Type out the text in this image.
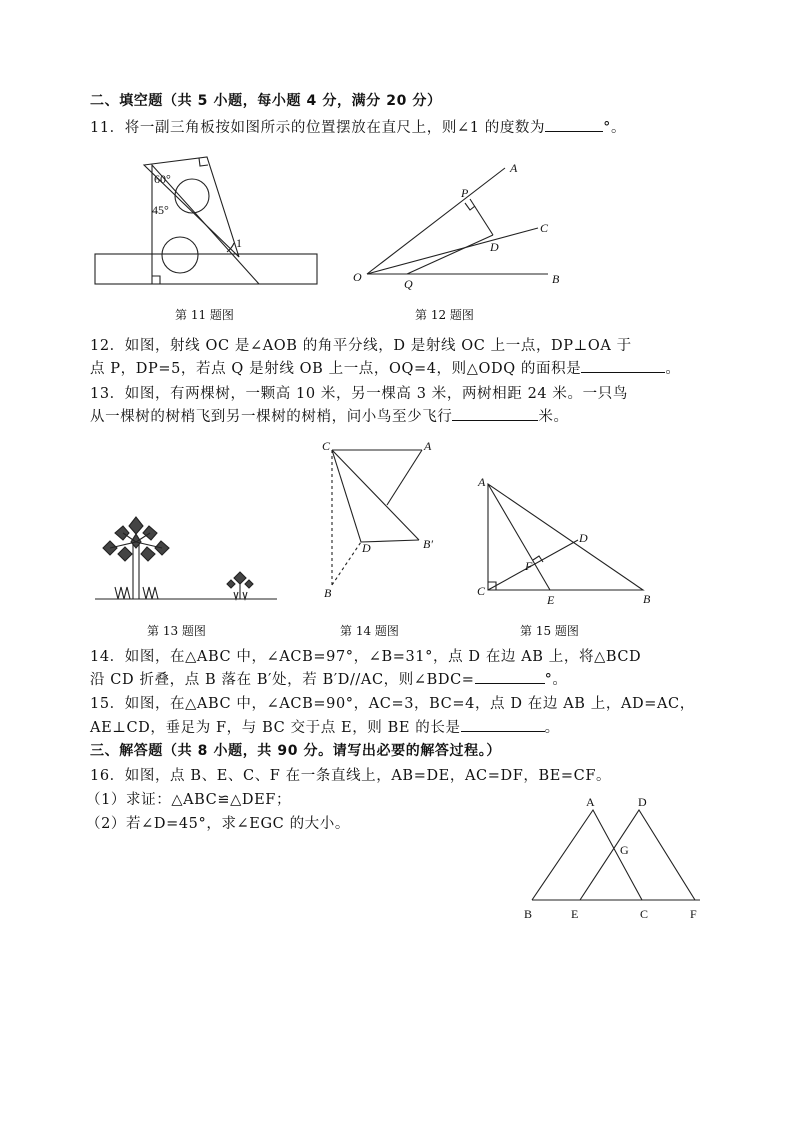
二、填空题（共 5 小题，每小题 4 分，满分 20 分）
11．将一副三角板按如图所示的位置摆放在直尺上，则∠1 的度数为	°。
60°
45°
1
第 11 题图
A
P
C
D
O	Q	B
第 12 题图
12．如图，射线 OC 是∠AOB 的角平分线，D 是射线 OC 上一点，DP⊥OA 于
点 P，DP=5，若点 Q 是射线 OB 上一点，OQ=4，则△ODQ 的面积是	。
13．如图，有两棵树，一颗高 10 米，另一棵高 3 米，两树相距 24 米。一只鸟
从一棵树的树梢飞到另一棵树的树梢，问小鸟至少飞行	米。
第 13 题图
C	A
D	B′
B
第 14 题图
A
D
F
C
E	B
第 15 题图
14．如图，在△ABC 中，∠ACB=97°，∠B=31°，点 D 在边 AB 上，将△BCD
沿 CD 折叠，点 B 落在 B′处，若 B′D//AC，则∠BDC=	°。
15．如图，在△ABC 中，∠ACB=90°，AC=3，BC=4，点 D 在边 AB 上，AD=AC，
AE⊥CD，垂足为 F，与 BC 交于点 E，则 BE 的长是	。
三、解答题（共 8 小题，共 90 分。请写出必要的解答过程。）
16．如图，点 B、E、C、F 在一条直线上，AB=DE，AC=DF，BE=CF。
（1）求证：△ABC≌△DEF；
（2）若∠D=45°，求∠EGC 的大小。
A	D
G
B	E	C	F
